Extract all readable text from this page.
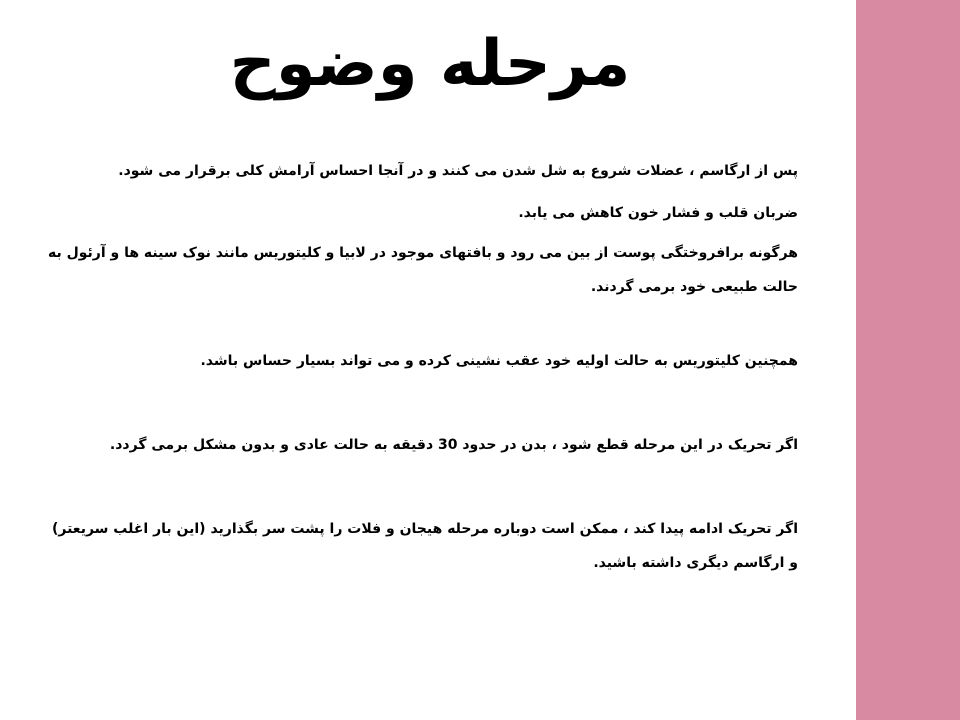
مرحله وضوح

پس از ارگاسم ، عضلات شروع به شل شدن می کنند و در آنجا احساس آرامش کلی برقرار می شود.

ضربان قلب و فشار خون کاهش می یابد.

هرگونه برافروختگی پوست از بین می رود و بافتهای موجود در لابیا و کلیتوریس مانند نوک سینه ها و آرئول به حالت طبیعی خود برمی گردند.

همچنین کلیتوریس به حالت اولیه خود عقب نشینی کرده و می تواند بسیار حساس باشد.

اگر تحریک در این مرحله قطع شود ، بدن در حدود 30 دقیقه به حالت عادی و بدون مشکل برمی گردد.

اگر تحریک ادامه پیدا کند ، ممکن است دوباره مرحله هیجان و فلات را پشت سر بگذارید (این بار اغلب سریعتر) و ارگاسم دیگری داشته باشید.
